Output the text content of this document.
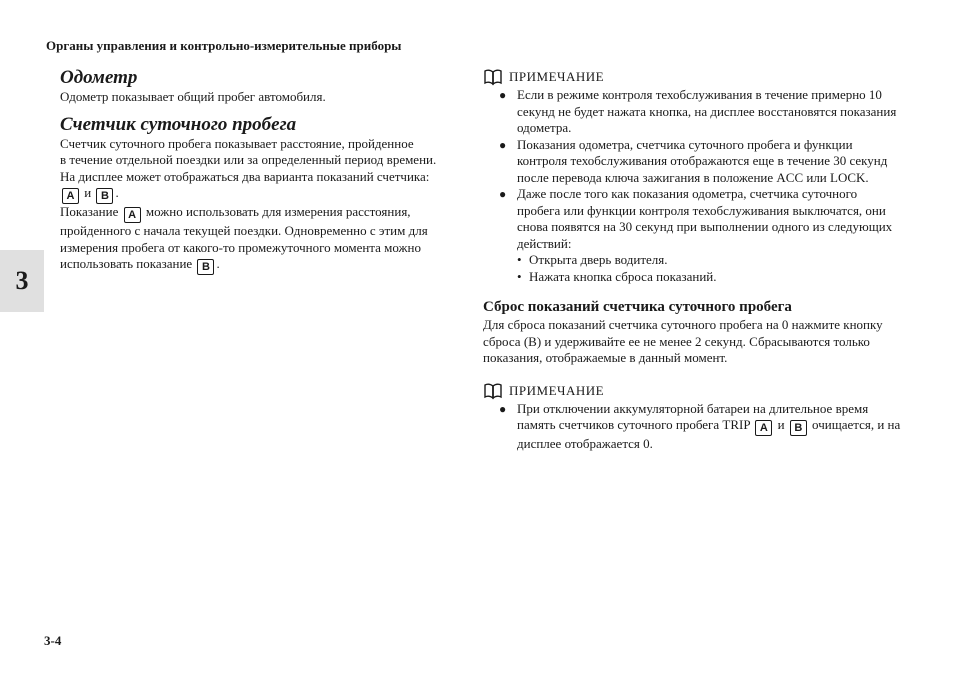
Органы управления и контрольно-измерительные приборы
3
3-4
Одометр

Одометр показывает общий пробег автомобиля.

Счетчик суточного пробега

Счетчик суточного пробега показывает расстояние, пройденное

в течение отдельной поездки или за определенный период времени.

На дисплее может отображаться два варианта показаний счетчика:

A и B .

Показание A можно использовать для измерения расстояния,

пройденного с начала текущей поездки. Одновременно с этим для

измерения пробега от какого-то промежуточного момента можно

использовать показание B .

ПРИМЕЧАНИЕ
●
Если в режиме контроля техобслуживания в течение примерно 10 секунд не будет нажата кнопка, на дисплее восстановятся показания одометра.
●
Показания одометра, счетчика суточного пробега и функции контроля техобслуживания отображаются еще в течение 30 секунд после перевода ключа зажигания в положение ACC или LOCK.
●
Даже после того как показания одометра, счетчика суточного пробега или функции контроля техобслуживания выключатся, они снова появятся на 30 секунд при выполнении одного из следующих действий:
• Открыта дверь водителя.
• Нажата кнопка сброса показаний.
Сброс показаний счетчика суточного пробега

Для сброса показаний счетчика суточного пробега на 0 нажмите кнопку сброса (B) и удерживайте ее не менее 2 секунд. Сбрасываются только показания, отображаемые в данный момент.

ПРИМЕЧАНИЕ
●
При отключении аккумуляторной батареи на длительное время память счетчиков суточного пробега TRIP A и B очищается, и на дисплее отображается 0.
